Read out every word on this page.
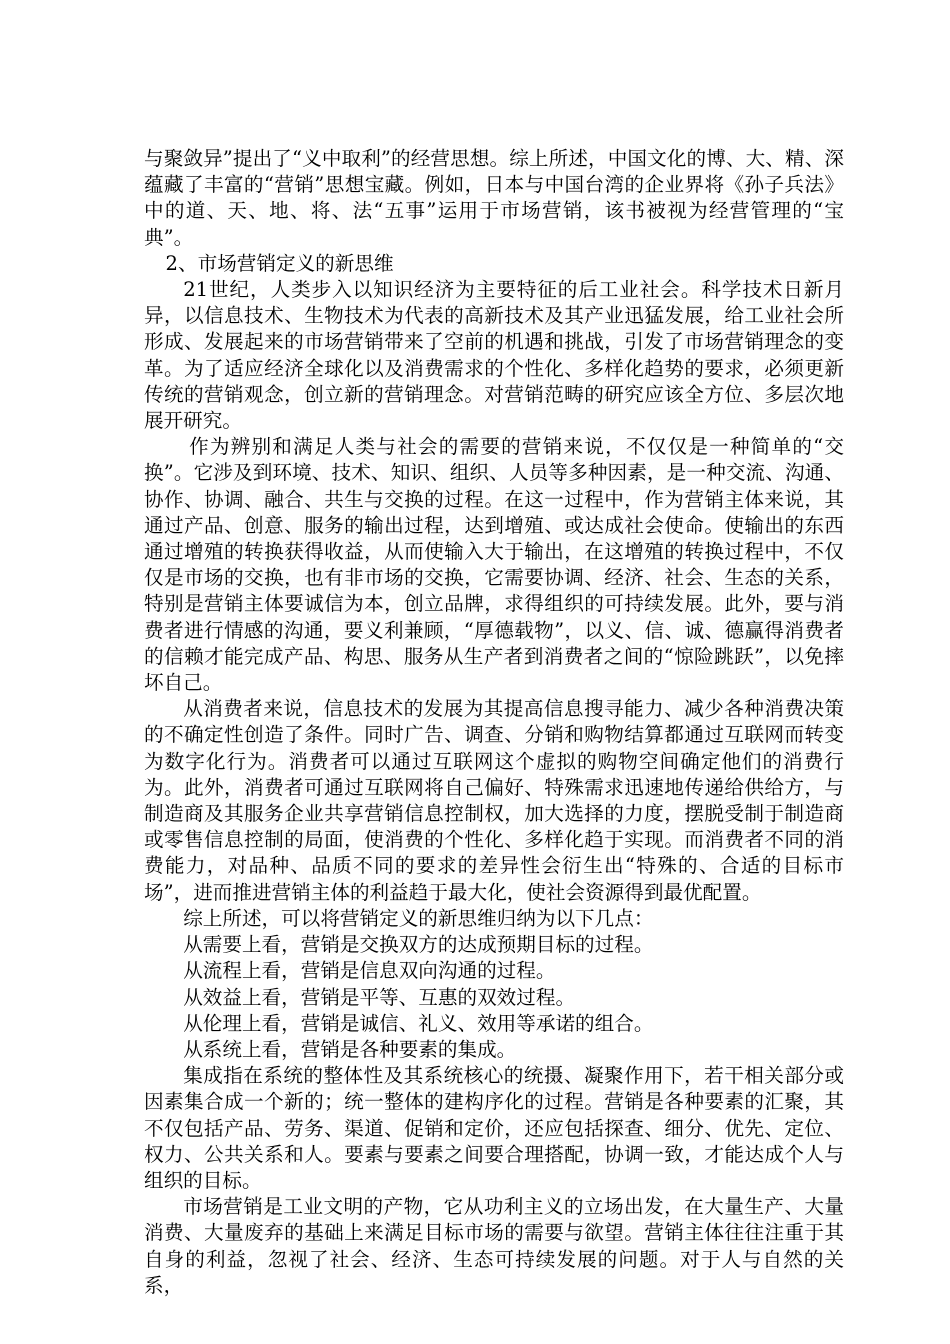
与聚敛异”提出了“义中取利”的经营思想。综上所述，中国文化的博、大、精、深蕴藏了丰富的“营销”思想宝藏。例如，日本与中国台湾的企业界将《孙子兵法》中的道、天、地、将、法“五事”运用于市场营销，该书被视为经营管理的“宝典”。

2、市场营销定义的新思维

21世纪，人类步入以知识经济为主要特征的后工业社会。科学技术日新月异，以信息技术、生物技术为代表的高新技术及其产业迅猛发展，给工业社会所形成、发展起来的市场营销带来了空前的机遇和挑战，引发了市场营销理念的变革。为了适应经济全球化以及消费需求的个性化、多样化趋势的要求，必须更新传统的营销观念，创立新的营销理念。对营销范畴的研究应该全方位、多层次地展开研究。

作为辨别和满足人类与社会的需要的营销来说，不仅仅是一种简单的“交换”。它涉及到环境、技术、知识、组织、人员等多种因素，是一种交流、沟通、协作、协调、融合、共生与交换的过程。在这一过程中，作为营销主体来说，其通过产品、创意、服务的输出过程，达到增殖、或达成社会使命。使输出的东西通过增殖的转换获得收益，从而使输入大于输出，在这增殖的转换过程中，不仅仅是市场的交换，也有非市场的交换，它需要协调、经济、社会、生态的关系，特别是营销主体要诚信为本，创立品牌，求得组织的可持续发展。此外，要与消费者进行情感的沟通，要义利兼顾，“厚德载物”，以义、信、诚、德赢得消费者的信赖才能完成产品、构思、服务从生产者到消费者之间的“惊险跳跃”，以免摔坏自己。

从消费者来说，信息技术的发展为其提高信息搜寻能力、减少各种消费决策的不确定性创造了条件。同时广告、调查、分销和购物结算都通过互联网而转变为数字化行为。消费者可以通过互联网这个虚拟的购物空间确定他们的消费行为。此外，消费者可通过互联网将自己偏好、特殊需求迅速地传递给供给方，与制造商及其服务企业共享营销信息控制权，加大选择的力度，摆脱受制于制造商或零售信息控制的局面，使消费的个性化、多样化趋于实现。而消费者不同的消费能力，对品种、品质不同的要求的差异性会衍生出“特殊的、合适的目标市场”，进而推进营销主体的利益趋于最大化，使社会资源得到最优配置。

综上所述，可以将营销定义的新思维归纳为以下几点：

从需要上看，营销是交换双方的达成预期目标的过程。

从流程上看，营销是信息双向沟通的过程。

从效益上看，营销是平等、互惠的双效过程。

从伦理上看，营销是诚信、礼义、效用等承诺的组合。

从系统上看，营销是各种要素的集成。

集成指在系统的整体性及其系统核心的统摄、凝聚作用下，若干相关部分或因素集合成一个新的；统一整体的建构序化的过程。营销是各种要素的汇聚，其不仅包括产品、劳务、渠道、促销和定价，还应包括探查、细分、优先、定位、权力、公共关系和人。要素与要素之间要合理搭配，协调一致，才能达成个人与组织的目标。

市场营销是工业文明的产物，它从功利主义的立场出发，在大量生产、大量消费、大量废弃的基础上来满足目标市场的需要与欲望。营销主体往往注重于其自身的利益，忽视了社会、经济、生态可持续发展的问题。对于人与自然的关系，
